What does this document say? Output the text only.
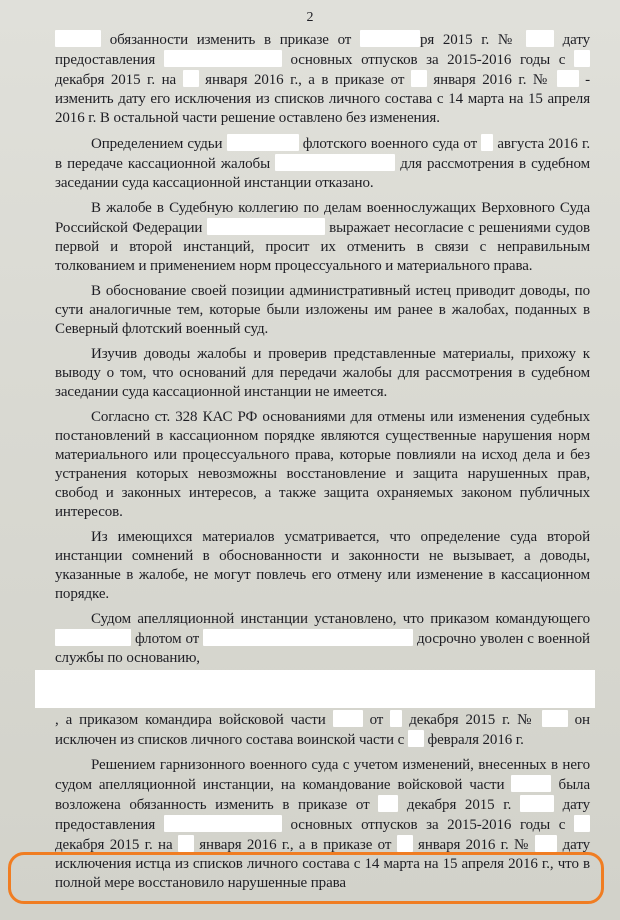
2

обязанности изменить в приказе от	ря 2015 г. №  дату предоставления	основных отпусков за 2015-2016 годы с  декабря 2015 г. на  января 2016 г., а в приказе от  января 2016 г. №  - изменить дату его исключения из списков личного состава с 14 марта на 15 апреля 2016 г. В остальной части решение оставлено без изменения.

Определением судьи	флотского военного суда от  августа 2016 г. в передаче кассационной жалобы	для рассмотрения в судебном заседании суда кассационной инстанции отказано.

В жалобе в Судебную коллегию по делам военнослужащих Верховного Суда Российской Федерации	выражает несогласие с решениями судов первой и второй инстанций, просит их отменить в связи с неправильным толкованием и применением норм процессуального и материального права.

В обоснование своей позиции административный истец приводит доводы, по сути аналогичные тем, которые были изложены им ранее в жалобах, поданных в Северный флотский военный суд.

Изучив доводы жалобы и проверив представленные материалы, прихожу к выводу о том, что оснований для передачи жалобы для рассмотрения в судебном заседании суда кассационной инстанции не имеется.

Согласно ст. 328 КАС РФ основаниями для отмены или изменения судебных постановлений в кассационном порядке являются существенные нарушения норм материального или процессуального права, которые повлияли на исход дела и без устранения которых невозможны восстановление и защита нарушенных прав, свобод и законных интересов, а также защита охраняемых законом публичных интересов.

Из имеющихся материалов усматривается, что определение суда второй инстанции сомнений в обоснованности и законности не вызывает, а доводы, указанные в жалобе, не могут повлечь его отмену или изменение в кассационном порядке.

Судом апелляционной инстанции установлено, что приказом командующего  флотом от	досрочно уволен с военной службы по основанию,
, а приказом командира войсковой части  от  декабря 2015 г. №  он исключен из списков личного состава воинской части с  февраля 2016 г.

Решением гарнизонного военного суда с учетом изменений, внесенных в него судом апелляционной инстанции, на командование войсковой части	была возложена обязанность изменить в приказе от  декабря 2015 г.  дату предоставления	основных отпусков за 2015-2016 годы с  декабря 2015 г. на  января 2016 г., а в приказе от  января 2016 г. №  дату исключения истца из списков личного состава с 14 марта на 15 апреля 2016 г., что в полной мере восстановило нарушенные права
